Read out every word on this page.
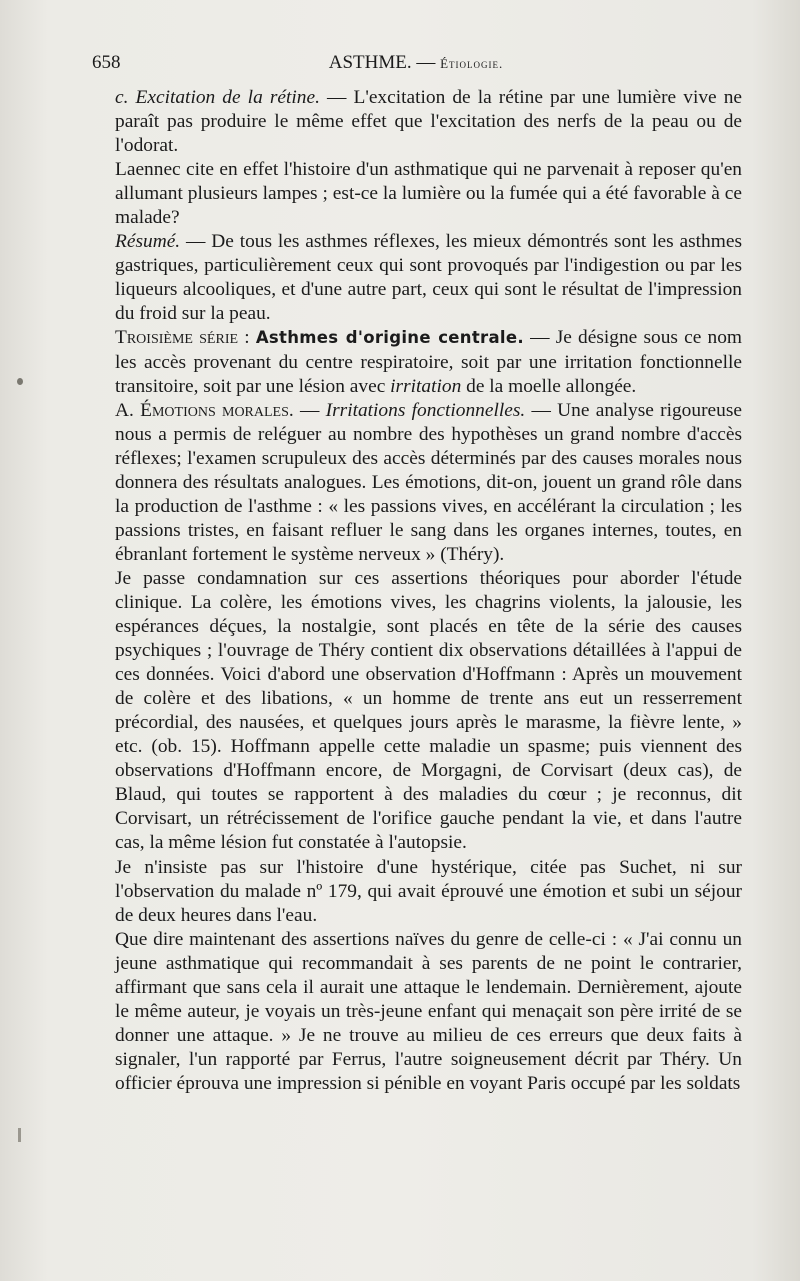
658	ASTHME. — Étiologie.

c. Excitation de la rétine. — L'excitation de la rétine par une lumière vive ne paraît pas produire le même effet que l'excitation des nerfs de la peau ou de l'odorat.

Laennec cite en effet l'histoire d'un asthmatique qui ne parvenait à reposer qu'en allumant plusieurs lampes ; est-ce la lumière ou la fumée qui a été favorable à ce malade?

Résumé. — De tous les asthmes réflexes, les mieux démontrés sont les asthmes gastriques, particulièrement ceux qui sont provoqués par l'indigestion ou par les liqueurs alcooliques, et d'une autre part, ceux qui sont le résultat de l'impression du froid sur la peau.

Troisième série : Asthmes d'origine centrale. — Je désigne sous ce nom les accès provenant du centre respiratoire, soit par une irritation fonctionnelle transitoire, soit par une lésion avec irritation de la moelle allongée.

A. Émotions morales. — Irritations fonctionnelles. — Une analyse rigoureuse nous a permis de reléguer au nombre des hypothèses un grand nombre d'accès réflexes; l'examen scrupuleux des accès déterminés par des causes morales nous donnera des résultats analogues. Les émotions, dit-on, jouent un grand rôle dans la production de l'asthme : « les passions vives, en accélérant la circulation ; les passions tristes, en faisant refluer le sang dans les organes internes, toutes, en ébranlant fortement le système nerveux » (Théry).

Je passe condamnation sur ces assertions théoriques pour aborder l'étude clinique. La colère, les émotions vives, les chagrins violents, la jalousie, les espérances déçues, la nostalgie, sont placés en tête de la série des causes psychiques ; l'ouvrage de Théry contient dix observations détaillées à l'appui de ces données. Voici d'abord une observation d'Hoffmann : Après un mouvement de colère et des libations, « un homme de trente ans eut un resserrement précordial, des nausées, et quelques jours après le marasme, la fièvre lente, » etc. (ob. 15). Hoffmann appelle cette maladie un spasme; puis viennent des observations d'Hoffmann encore, de Morgagni, de Corvisart (deux cas), de Blaud, qui toutes se rapportent à des maladies du cœur ; je reconnus, dit Corvisart, un rétrécissement de l'orifice gauche pendant la vie, et dans l'autre cas, la même lésion fut constatée à l'autopsie.

Je n'insiste pas sur l'histoire d'une hystérique, citée pas Suchet, ni sur l'observation du malade nº 179, qui avait éprouvé une émotion et subi un séjour de deux heures dans l'eau.

Que dire maintenant des assertions naïves du genre de celle-ci : « J'ai connu un jeune asthmatique qui recommandait à ses parents de ne point le contrarier, affirmant que sans cela il aurait une attaque le lendemain. Dernièrement, ajoute le même auteur, je voyais un très-jeune enfant qui menaçait son père irrité de se donner une attaque. » Je ne trouve au milieu de ces erreurs que deux faits à signaler, l'un rapporté par Ferrus, l'autre soigneusement décrit par Théry. Un officier éprouva une impression si pénible en voyant Paris occupé par les soldats
